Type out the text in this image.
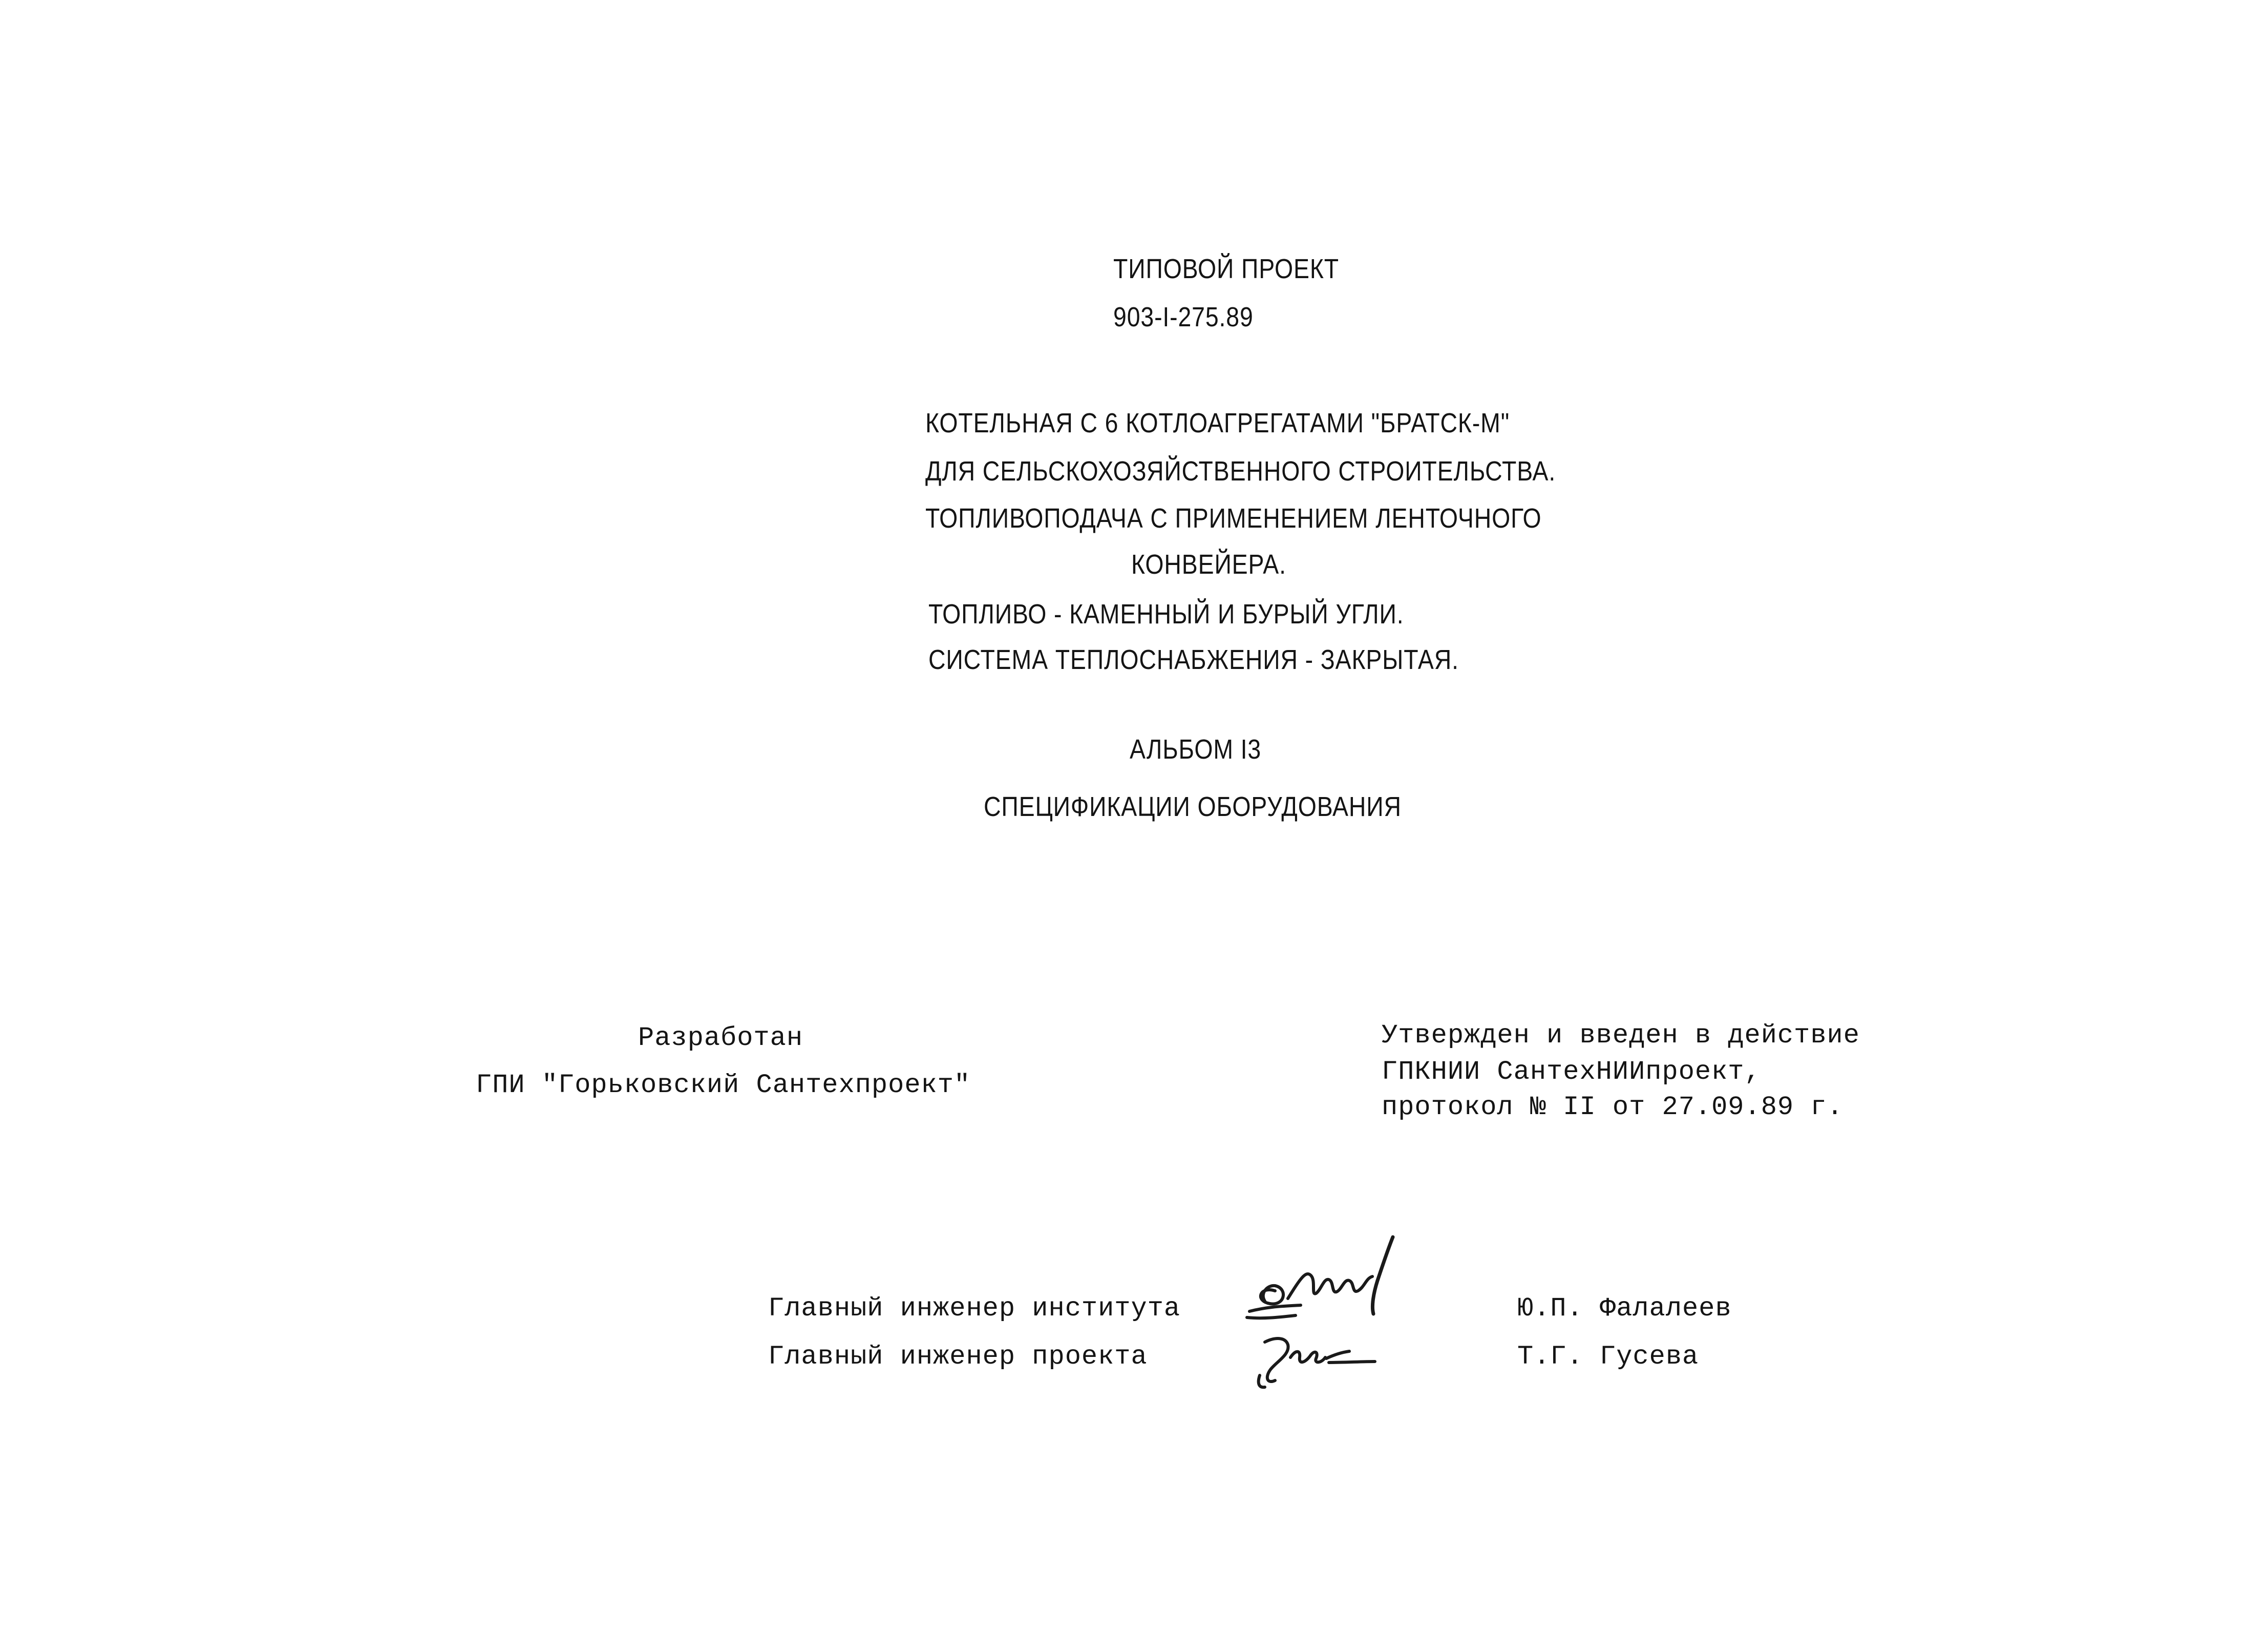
ТИПОВОЙ ПРОЕКТ
903-I-275.89
КОТЕЛЬНАЯ С 6 КОТЛОАГРЕГАТАМИ "БРАТСК-М"
ДЛЯ СЕЛЬСКОХОЗЯЙСТВЕННОГО СТРОИТЕЛЬСТВА.
ТОПЛИВОПОДАЧА С ПРИМЕНЕНИЕМ ЛЕНТОЧНОГО
КОНВЕЙЕРА.
ТОПЛИВО - КАМЕННЫЙ И БУРЫЙ УГЛИ.
СИСТЕМА ТЕПЛОСНАБЖЕНИЯ - ЗАКРЫТАЯ.
АЛЬБОМ I3
СПЕЦИФИКАЦИИ ОБОРУДОВАНИЯ
Разработан
ГПИ "Горьковский Сантехпроект"
Утвержден и введен в действие
ГПКНИИ СантехНИИпроект,
протокол № II от 27.09.89 г.
Главный инженер института	Ю.П. Фалалеев
Главный инженер проекта	Т.Г. Гусева
